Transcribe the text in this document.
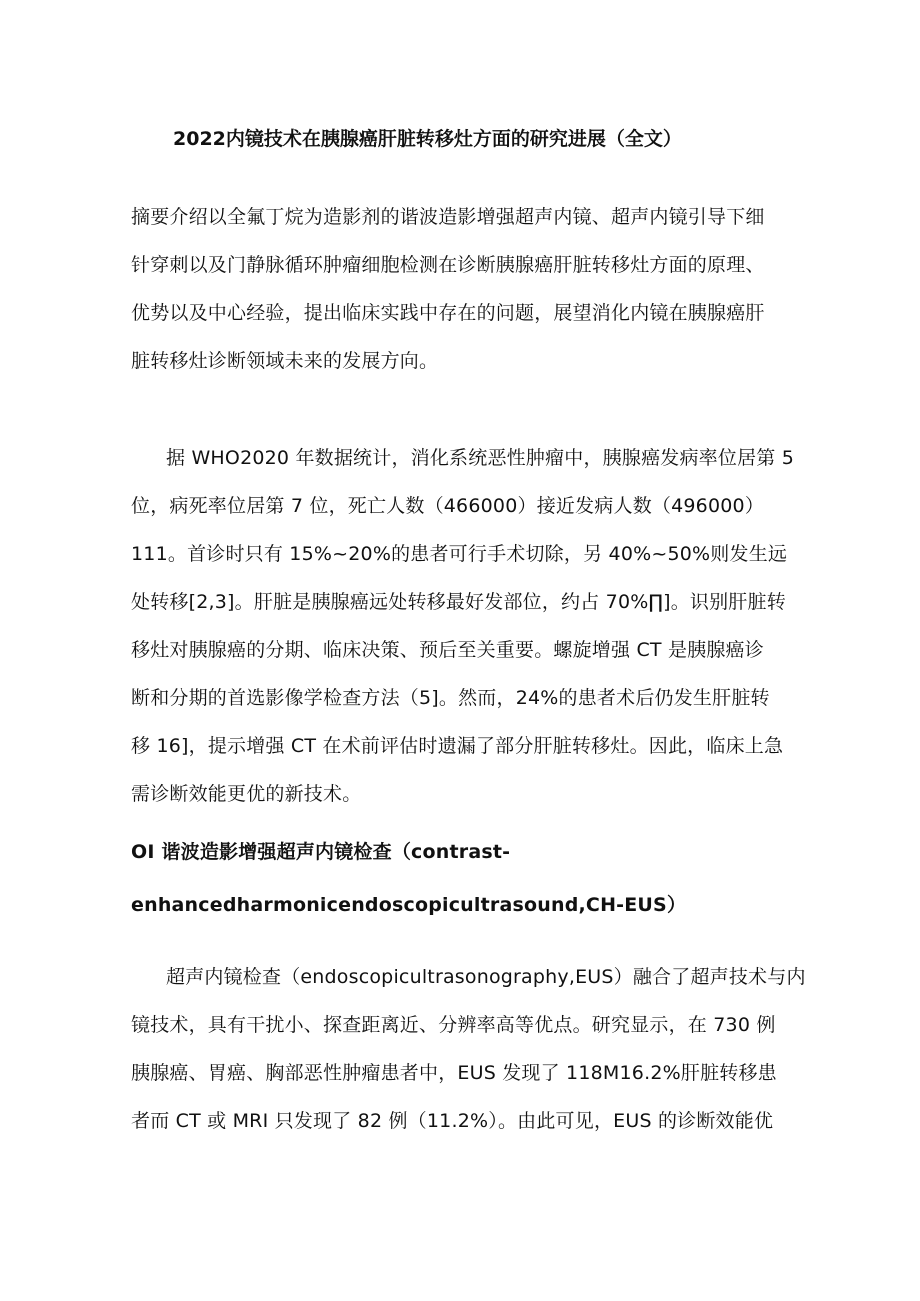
2022内镜技术在胰腺癌肝脏转移灶方面的研究进展（全文）
摘要介绍以全氟丁烷为造影剂的谐波造影增强超声内镜、超声内镜引导下细
针穿刺以及门静脉循环肿瘤细胞检测在诊断胰腺癌肝脏转移灶方面的原理、
优势以及中心经验，提出临床实践中存在的问题，展望消化内镜在胰腺癌肝
脏转移灶诊断领域未来的发展方向。
据 WHO2020 年数据统计，消化系统恶性肿瘤中，胰腺癌发病率位居第 5
位，病死率位居第 7 位，死亡人数（466000）接近发病人数（496000）
111。首诊时只有 15%~20%的患者可行手术切除，另 40%~50%则发生远
处转移[2,3]。肝脏是胰腺癌远处转移最好发部位，约占 70%∏]。识别肝脏转
移灶对胰腺癌的分期、临床决策、预后至关重要。螺旋增强 CT 是胰腺癌诊
断和分期的首选影像学检查方法（5]。然而，24%的患者术后仍发生肝脏转
移 16]，提示增强 CT 在术前评估时遗漏了部分肝脏转移灶。因此，临床上急
需诊断效能更优的新技术。
OI 谐波造影增强超声内镜检查（contrast-
enhancedharmonicendoscopicultrasound,CH-EUS）
超声内镜检查（endoscopicultrasonography,EUS）融合了超声技术与内
镜技术，具有干扰小、探查距离近、分辨率高等优点。研究显示，在 730 例
胰腺癌、胃癌、胸部恶性肿瘤患者中，EUS 发现了 118M16.2%肝脏转移患
者而 CT 或 MRI 只发现了 82 例（11.2%）。由此可见，EUS 的诊断效能优
